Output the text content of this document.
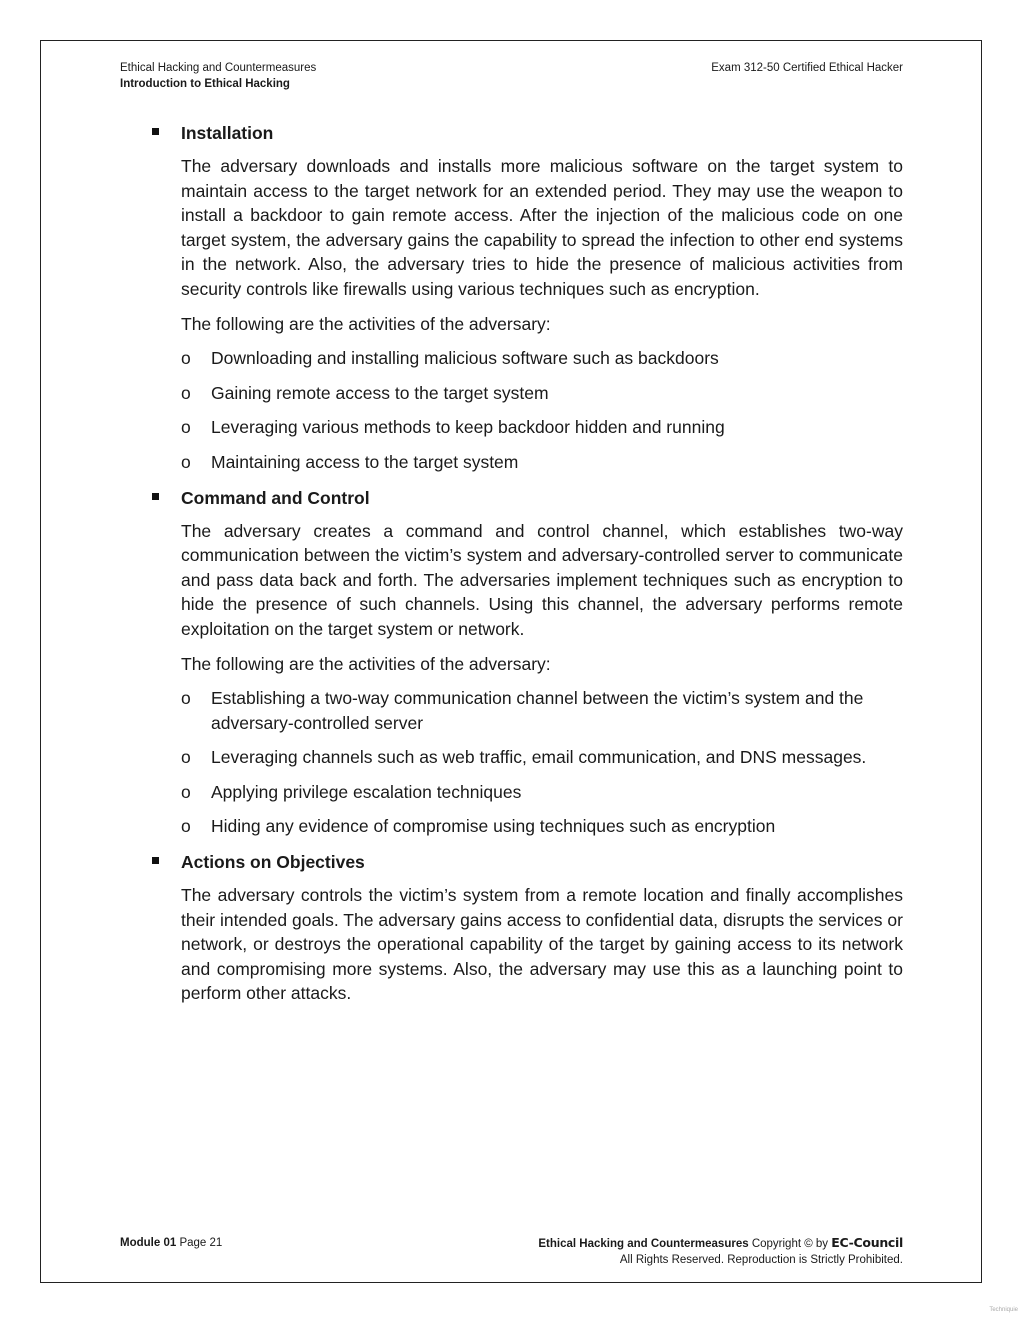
Ethical Hacking and Countermeasures
Introduction to Ethical Hacking
Exam 312-50 Certified Ethical Hacker
Installation
The adversary downloads and installs more malicious software on the target system to maintain access to the target network for an extended period. They may use the weapon to install a backdoor to gain remote access. After the injection of the malicious code on one target system, the adversary gains the capability to spread the infection to other end systems in the network. Also, the adversary tries to hide the presence of malicious activities from security controls like firewalls using various techniques such as encryption.
The following are the activities of the adversary:
o Downloading and installing malicious software such as backdoors
o Gaining remote access to the target system
o Leveraging various methods to keep backdoor hidden and running
o Maintaining access to the target system
Command and Control
The adversary creates a command and control channel, which establishes two-way communication between the victim’s system and adversary-controlled server to communicate and pass data back and forth. The adversaries implement techniques such as encryption to hide the presence of such channels. Using this channel, the adversary performs remote exploitation on the target system or network.
The following are the activities of the adversary:
o Establishing a two-way communication channel between the victim’s system and the adversary-controlled server
o Leveraging channels such as web traffic, email communication, and DNS messages.
o Applying privilege escalation techniques
o Hiding any evidence of compromise using techniques such as encryption
Actions on Objectives
The adversary controls the victim’s system from a remote location and finally accomplishes their intended goals. The adversary gains access to confidential data, disrupts the services or network, or destroys the operational capability of the target by gaining access to its network and compromising more systems. Also, the adversary may use this as a launching point to perform other attacks.
Module 01 Page 21	Ethical Hacking and Countermeasures Copyright © by EC-Council
All Rights Reserved. Reproduction is Strictly Prohibited.
Techniquie
